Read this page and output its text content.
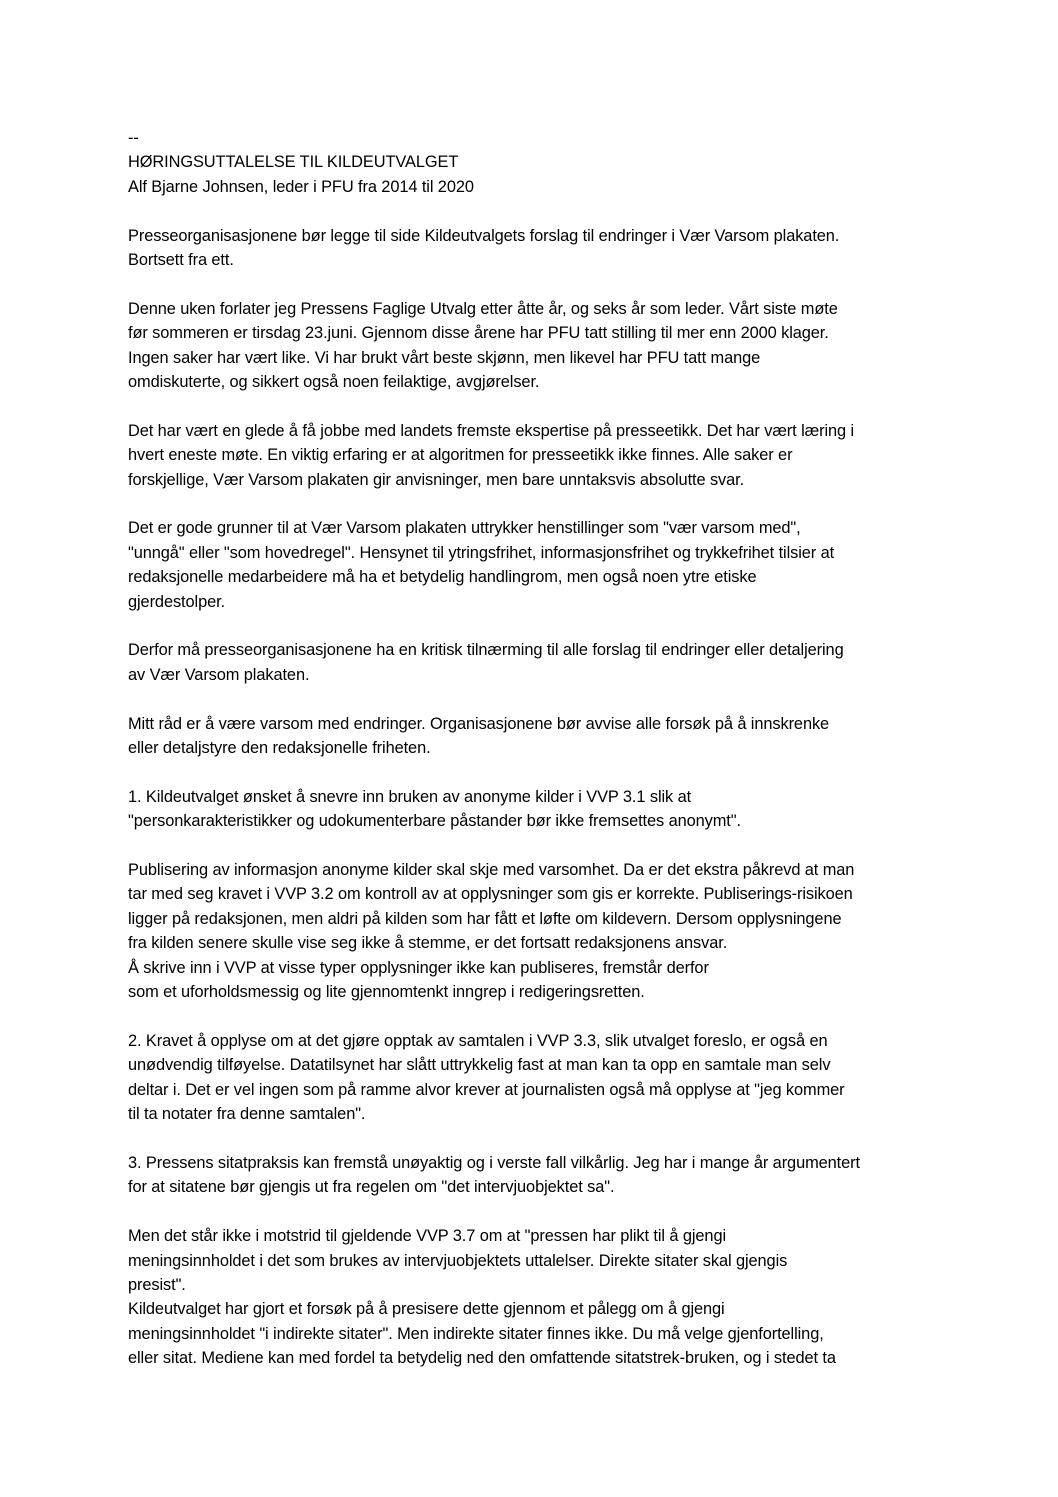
--
HØRINGSUTTALELSE TIL KILDEUTVALGET
Alf Bjarne Johnsen, leder i PFU fra 2014 til 2020
Presseorganisasjonene bør legge til side Kildeutvalgets forslag til endringer i Vær Varsom plakaten.
Bortsett fra ett.
Denne uken forlater jeg Pressens Faglige Utvalg etter åtte år, og seks år som leder. Vårt siste møte
før sommeren er tirsdag 23.juni. Gjennom disse årene har PFU tatt stilling til mer enn 2000 klager.
Ingen saker har vært like. Vi har brukt vårt beste skjønn, men likevel har PFU tatt mange
omdiskuterte, og sikkert også noen feilaktige, avgjørelser.
Det har vært en glede å få jobbe med landets fremste ekspertise på presseetikk. Det har vært læring i
hvert eneste møte. En viktig erfaring er at algoritmen for presseetikk ikke finnes. Alle saker er
forskjellige, Vær Varsom plakaten gir anvisninger, men bare unntaksvis absolutte svar.
Det er gode grunner til at Vær Varsom plakaten uttrykker henstillinger som "vær varsom med",
"unngå" eller "som hovedregel". Hensynet til ytringsfrihet, informasjonsfrihet og trykkefrihet tilsier at
redaksjonelle medarbeidere må ha et betydelig handlingrom, men også noen ytre etiske
gjerdestolper.
Derfor må presseorganisasjonene ha en kritisk tilnærming til alle forslag til endringer eller detaljering
av Vær Varsom plakaten.
Mitt råd er å være varsom med endringer. Organisasjonene bør avvise alle forsøk på å innskrenke
eller detaljstyre den redaksjonelle friheten.
1. Kildeutvalget ønsket å snevre inn bruken av anonyme kilder i VVP 3.1 slik at
"personkarakteristikker og udokumenterbare påstander bør ikke fremsettes anonymt".
Publisering av informasjon anonyme kilder skal skje med varsomhet. Da er det ekstra påkrevd at man
tar med seg kravet i VVP 3.2 om kontroll av at opplysninger som gis er korrekte. Publiserings-risikoen
ligger på redaksjonen, men aldri på kilden som har fått et løfte om kildevern. Dersom opplysningene
fra kilden senere skulle vise seg ikke å stemme, er det fortsatt redaksjonens ansvar.
Å skrive inn i VVP at visse typer opplysninger ikke kan publiseres, fremstår derfor
som et uforholdsmessig og lite gjennomtenkt inngrep i redigeringsretten.
2. Kravet å opplyse om at det gjøre opptak av samtalen i VVP 3.3, slik utvalget foreslo, er også en
unødvendig tilføyelse. Datatilsynet har slått uttrykkelig fast at man kan ta opp en samtale man selv
deltar i. Det er vel ingen som på ramme alvor krever at journalisten også må opplyse at "jeg kommer
til ta notater fra denne samtalen".
3. Pressens sitatpraksis kan fremstå unøyaktig og i verste fall vilkårlig. Jeg har i mange år argumentert
for at sitatene bør gjengis ut fra regelen om "det intervjuobjektet sa".
Men det står ikke i motstrid til gjeldende VVP 3.7 om at "pressen har plikt til å gjengi
meningsinnholdet i det som brukes av intervjuobjektets uttalelser. Direkte sitater skal gjengis
presist".
Kildeutvalget har gjort et forsøk på å presisere dette gjennom et pålegg om å gjengi
meningsinnholdet "i indirekte sitater". Men indirekte sitater finnes ikke. Du må velge gjenfortelling,
eller sitat. Mediene kan med fordel ta betydelig ned den omfattende sitatstrek-bruken, og i stedet ta
